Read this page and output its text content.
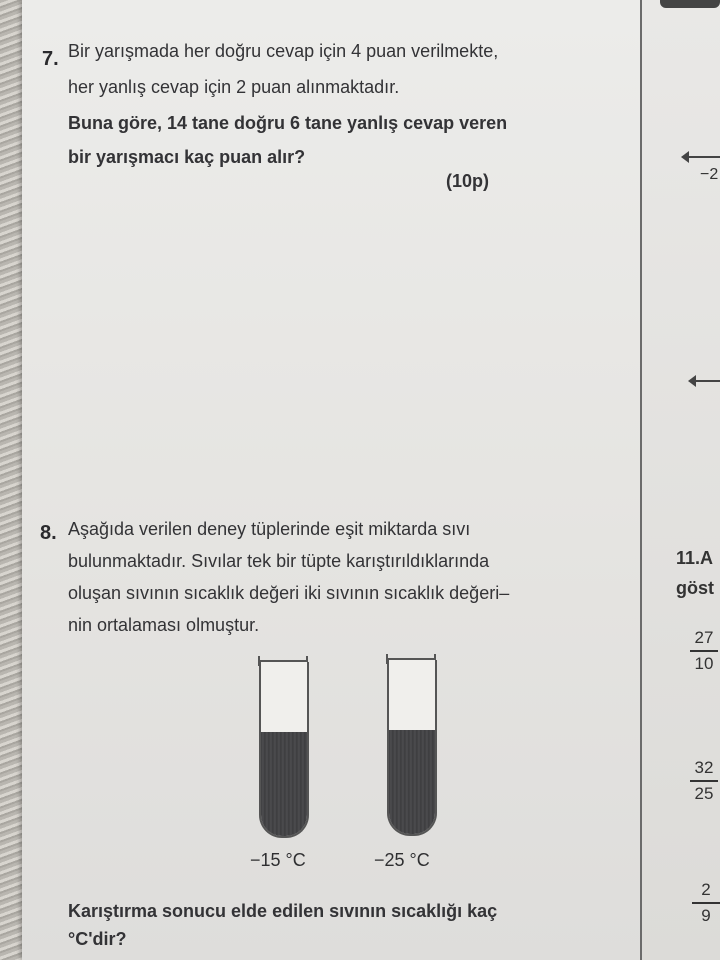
7. Bir yarışmada her doğru cevap için 4 puan verilmekte,
her yanlış cevap için 2 puan alınmaktadır.
Buna göre, 14 tane doğru 6 tane yanlış cevap veren
bir yarışmacı kaç puan alır?
(10p)
8. Aşağıda verilen deney tüplerinde eşit miktarda sıvı
bulunmaktadır. Sıvılar tek bir tüpte karıştırıldıklarında
oluşan sıvının sıcaklık değeri iki sıvının sıcaklık değeri–
nin ortalaması olmuştur.
−15 °C	−25 °C
Karıştırma sonucu elde edilen sıvının sıcaklığı kaç
°C'dir?
−2
11.A
göst
27
10
32
25
2
9
